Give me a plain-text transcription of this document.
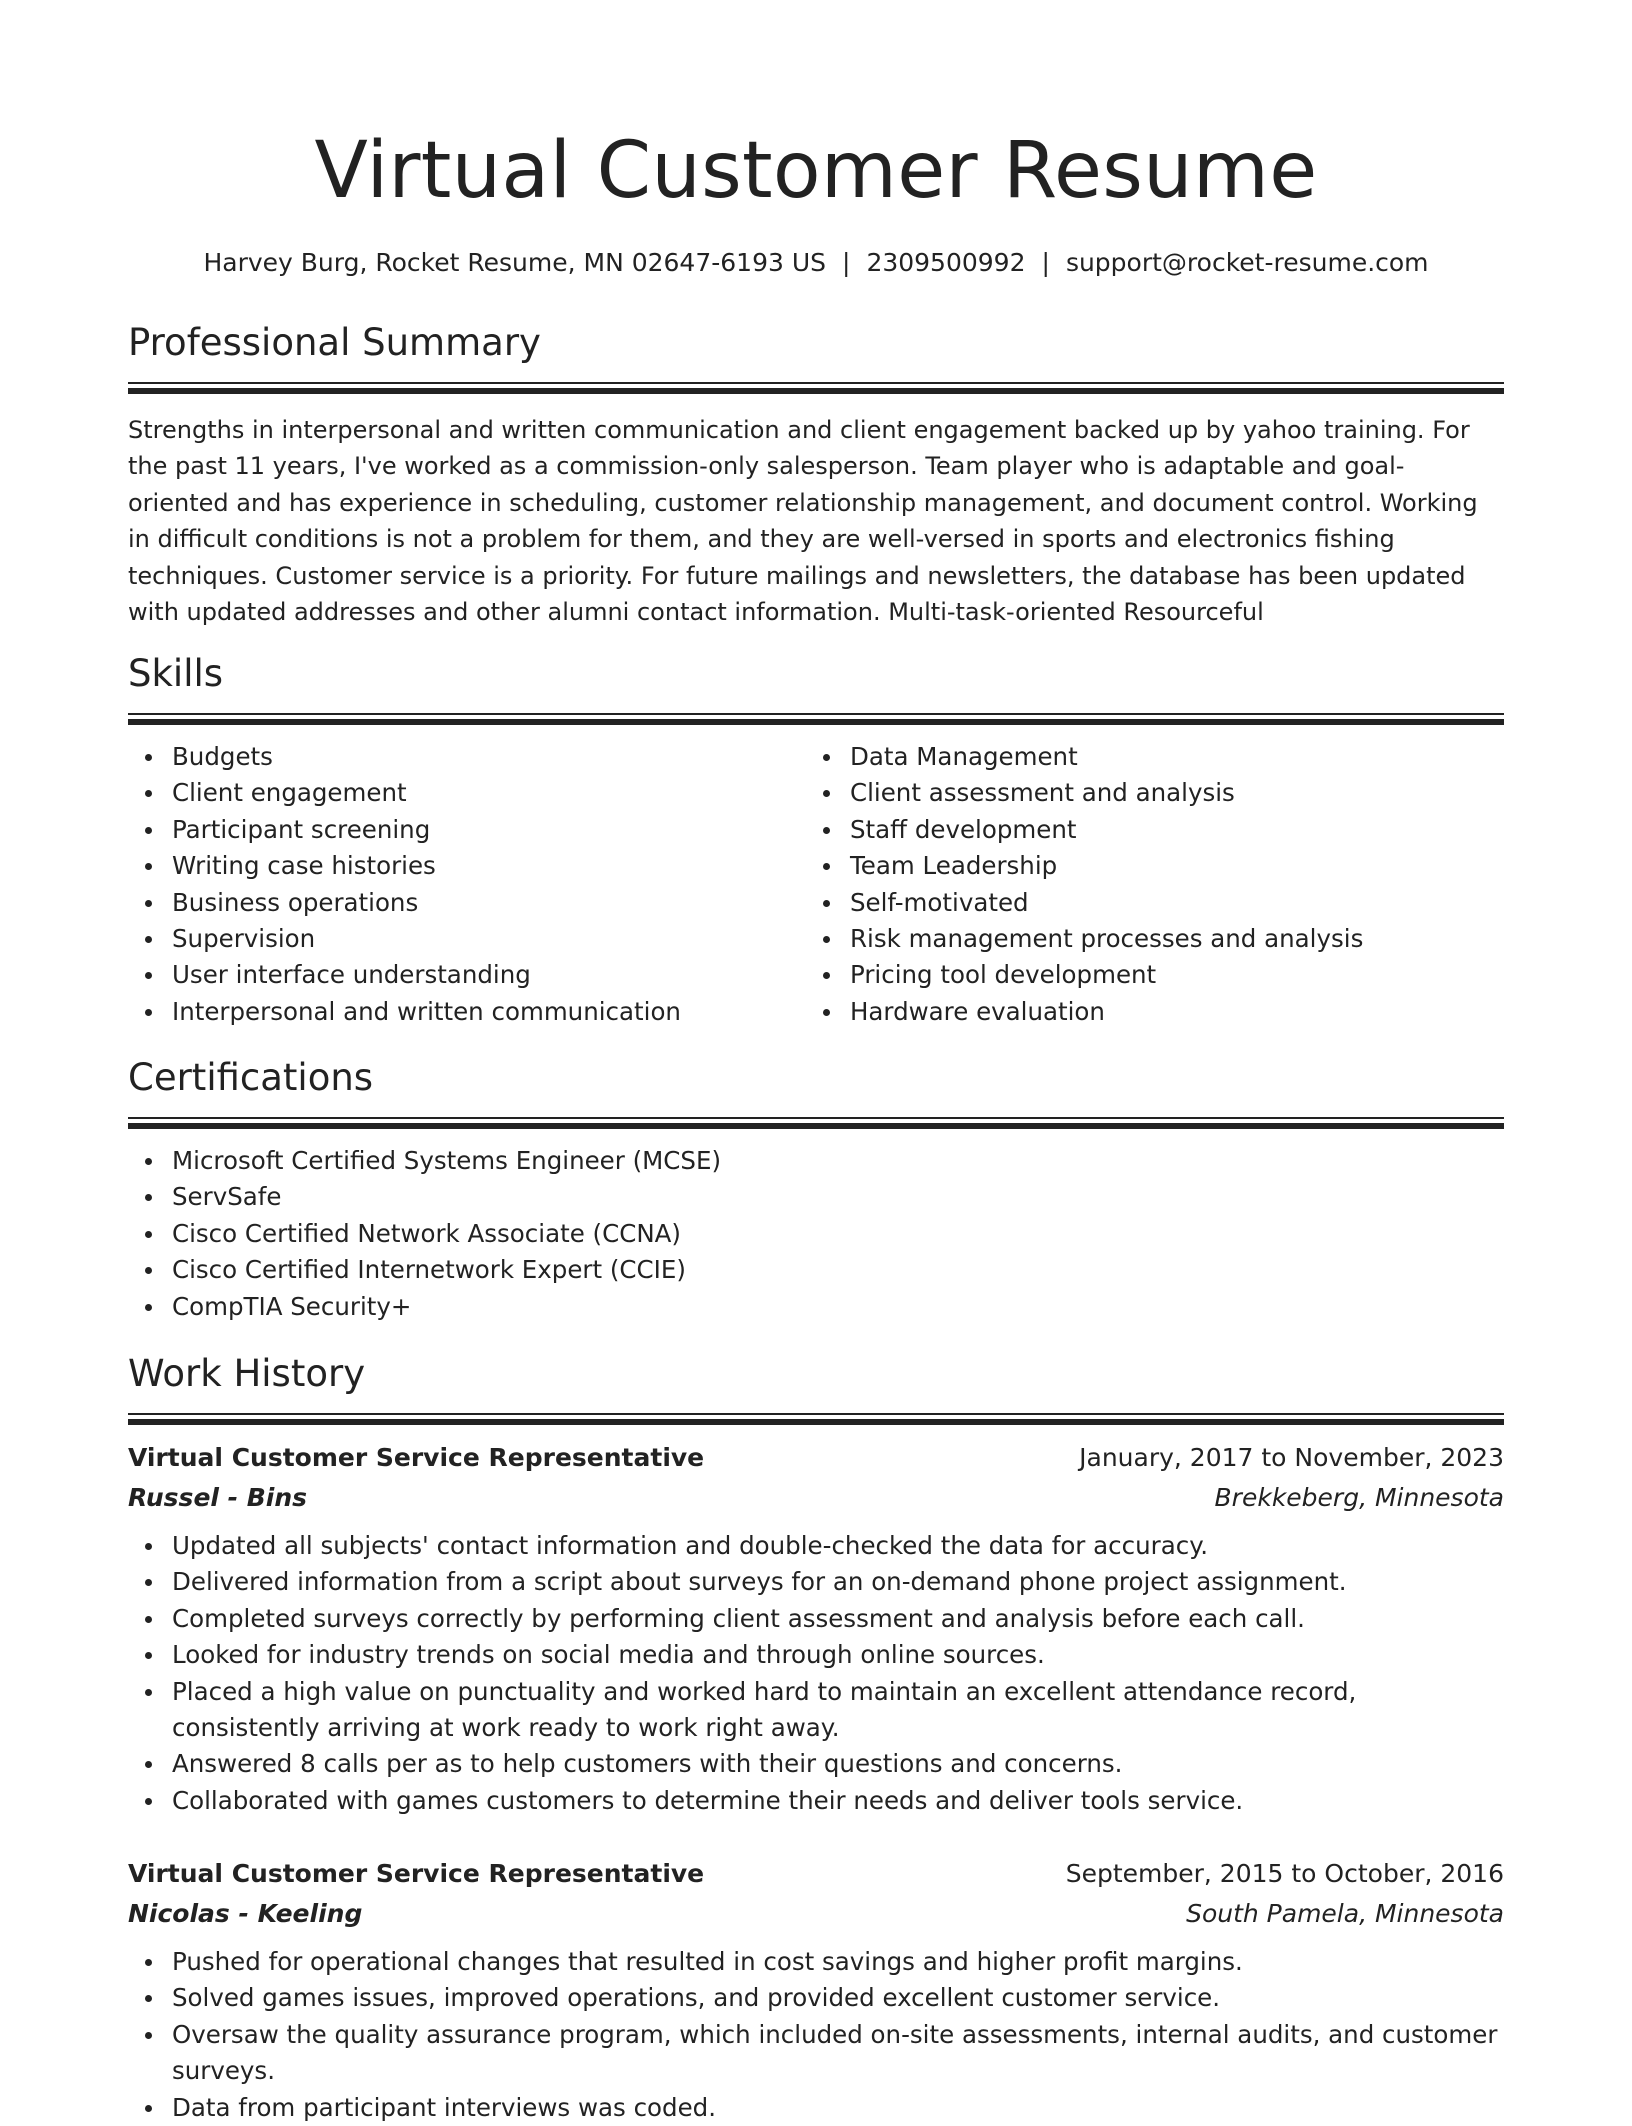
Virtual Customer Resume
Harvey Burg, Rocket Resume, MN 02647-6193 US | 2309500992 | support@rocket-resume.com
Professional Summary
Strengths in interpersonal and written communication and client engagement backed up by yahoo training. For the past 11 years, I've worked as a commission-only salesperson. Team player who is adaptable and goal-oriented and has experience in scheduling, customer relationship management, and document control. Working in difficult conditions is not a problem for them, and they are well-versed in sports and electronics fishing techniques. Customer service is a priority. For future mailings and newsletters, the database has been updated with updated addresses and other alumni contact information. Multi-task-oriented Resourceful
Skills
Budgets
Client engagement
Participant screening
Writing case histories
Business operations
Supervision
User interface understanding
Interpersonal and written communication
Data Management
Client assessment and analysis
Staff development
Team Leadership
Self-motivated
Risk management processes and analysis
Pricing tool development
Hardware evaluation
Certifications
Microsoft Certified Systems Engineer (MCSE)
ServSafe
Cisco Certified Network Associate (CCNA)
Cisco Certified Internetwork Expert (CCIE)
CompTIA Security+
Work History
Virtual Customer Service Representative	January, 2017 to November, 2023
Russel - Bins	Brekkeberg, Minnesota
Updated all subjects' contact information and double-checked the data for accuracy.
Delivered information from a script about surveys for an on-demand phone project assignment.
Completed surveys correctly by performing client assessment and analysis before each call.
Looked for industry trends on social media and through online sources.
Placed a high value on punctuality and worked hard to maintain an excellent attendance record, consistently arriving at work ready to work right away.
Answered 8 calls per as to help customers with their questions and concerns.
Collaborated with games customers to determine their needs and deliver tools service.
Virtual Customer Service Representative	September, 2015 to October, 2016
Nicolas - Keeling	South Pamela, Minnesota
Pushed for operational changes that resulted in cost savings and higher profit margins.
Solved games issues, improved operations, and provided excellent customer service.
Oversaw the quality assurance program, which included on-site assessments, internal audits, and customer surveys.
Data from participant interviews was coded.
